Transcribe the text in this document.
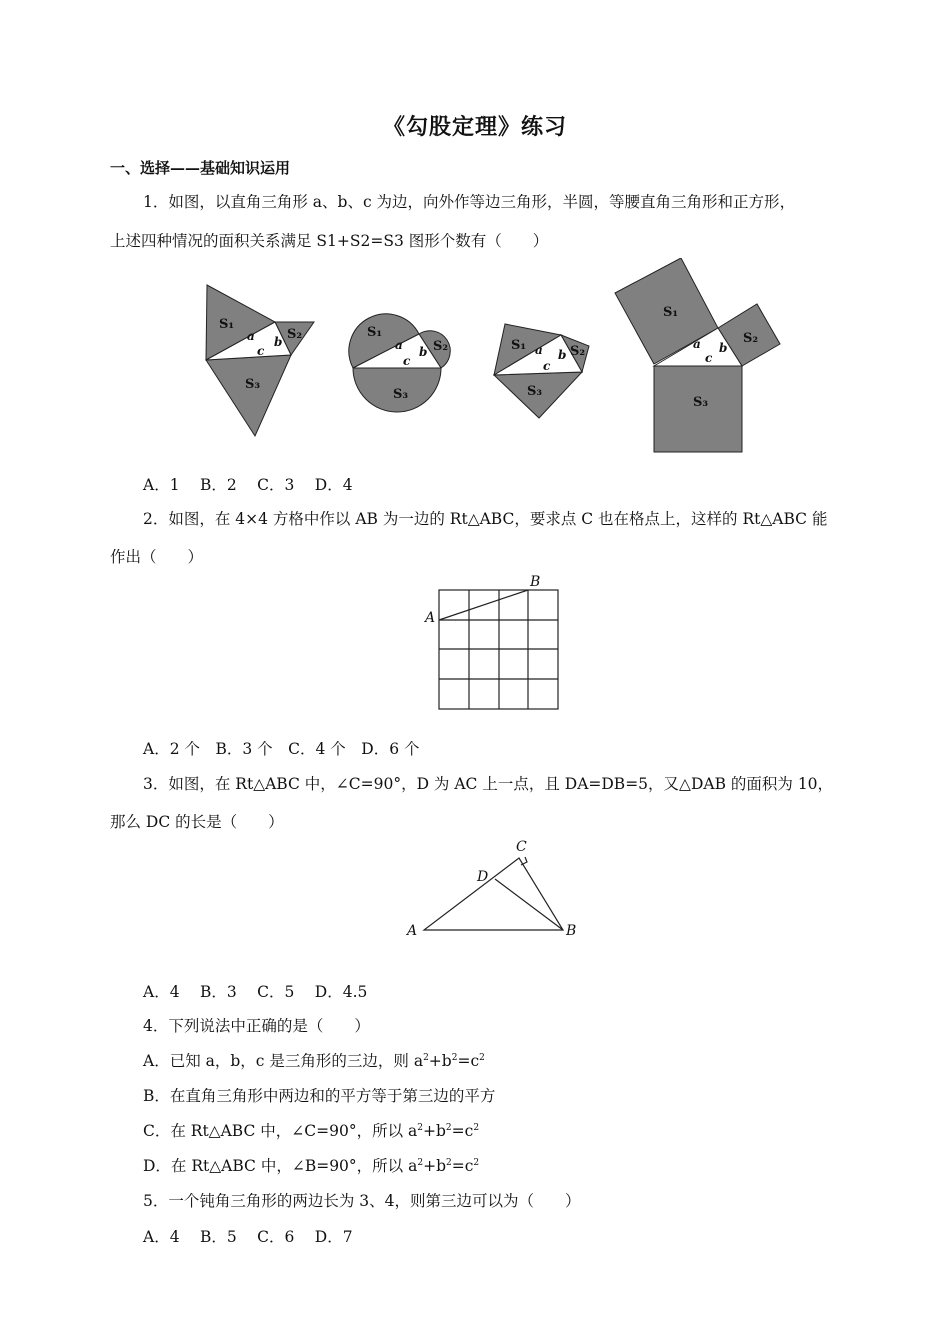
《勾股定理》练习
一、选择——基础知识运用
1．如图，以直角三角形 a、b、c 为边，向外作等边三角形，半圆，等腰直角三角形和正方形，
上述四种情况的面积关系满足 S1+S2=S3 图形个数有（　　）
S₁
S₂
S₃
a b
c
S₁
S₂
S₃
a b
c
S₁	S₂
S₃
a b
c
S₁
S₂
S₃
a b
c
A．1　 B．2　 C．3　 D．4
2．如图，在 4×4 方格中作以 AB 为一边的 Rt△ABC，要求点 C 也在格点上，这样的 Rt△ABC 能
作出（　　）
A
B
A．2 个　B．3 个　C．4 个　D．6 个
3．如图，在 Rt△ABC 中，∠C=90°，D 为 AC 上一点，且 DA=DB=5，又△DAB 的面积为 10，
那么 DC 的长是（　　）
A	B
C
D
A．4　 B．3　 C．5　 D．4.5
4．下列说法中正确的是（　　）
A．已知 a，b，c 是三角形的三边，则 $a^2+b^2=c^2$
B．在直角三角形中两边和的平方等于第三边的平方
C．在 Rt△ABC 中，∠C=90°，所以 $a^2+b^2=c^2$
D．在 Rt△ABC 中，∠B=90°，所以 $a^2+b^2=c^2$
5．一个钝角三角形的两边长为 3、4，则第三边可以为（　　）
A．4　 B．5　 C．6　 D．7
